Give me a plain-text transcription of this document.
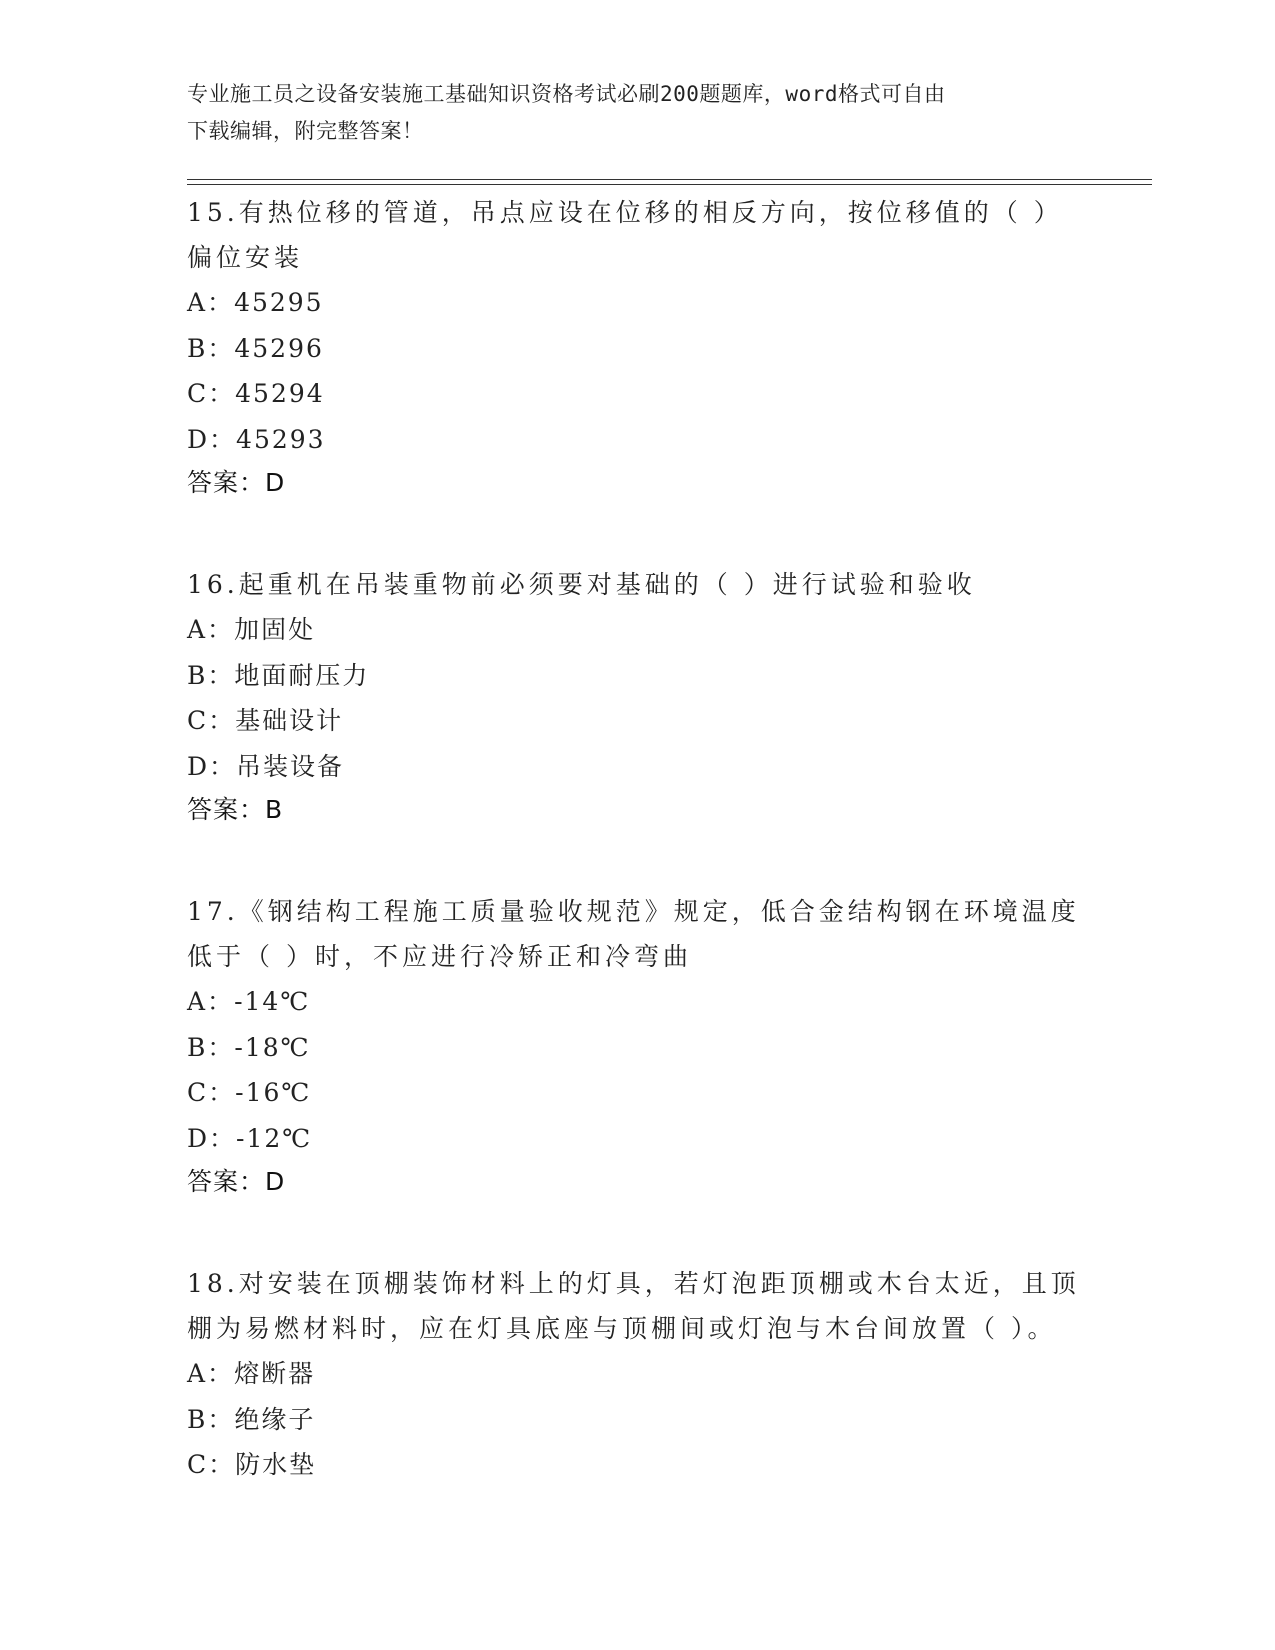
专业施工员之设备安装施工基础知识资格考试必刷200题题库，word格式可自由
下载编辑，附完整答案！
15.有热位移的管道，吊点应设在位移的相反方向，按位移值的（ ）偏位安装
A：45295
B：45296
C：45294
D：45293
答案：D
16.起重机在吊装重物前必须要对基础的（ ）进行试验和验收
A：加固处
B：地面耐压力
C：基础设计
D：吊装设备
答案：B
17.《钢结构工程施工质量验收规范》规定，低合金结构钢在环境温度低于（ ）时，不应进行冷矫正和冷弯曲
A：-14℃
B：-18℃
C：-16℃
D：-12℃
答案：D
18.对安装在顶棚装饰材料上的灯具，若灯泡距顶棚或木台太近，且顶棚为易燃材料时，应在灯具底座与顶棚间或灯泡与木台间放置（ ）。
A：熔断器
B：绝缘子
C：防水垫
